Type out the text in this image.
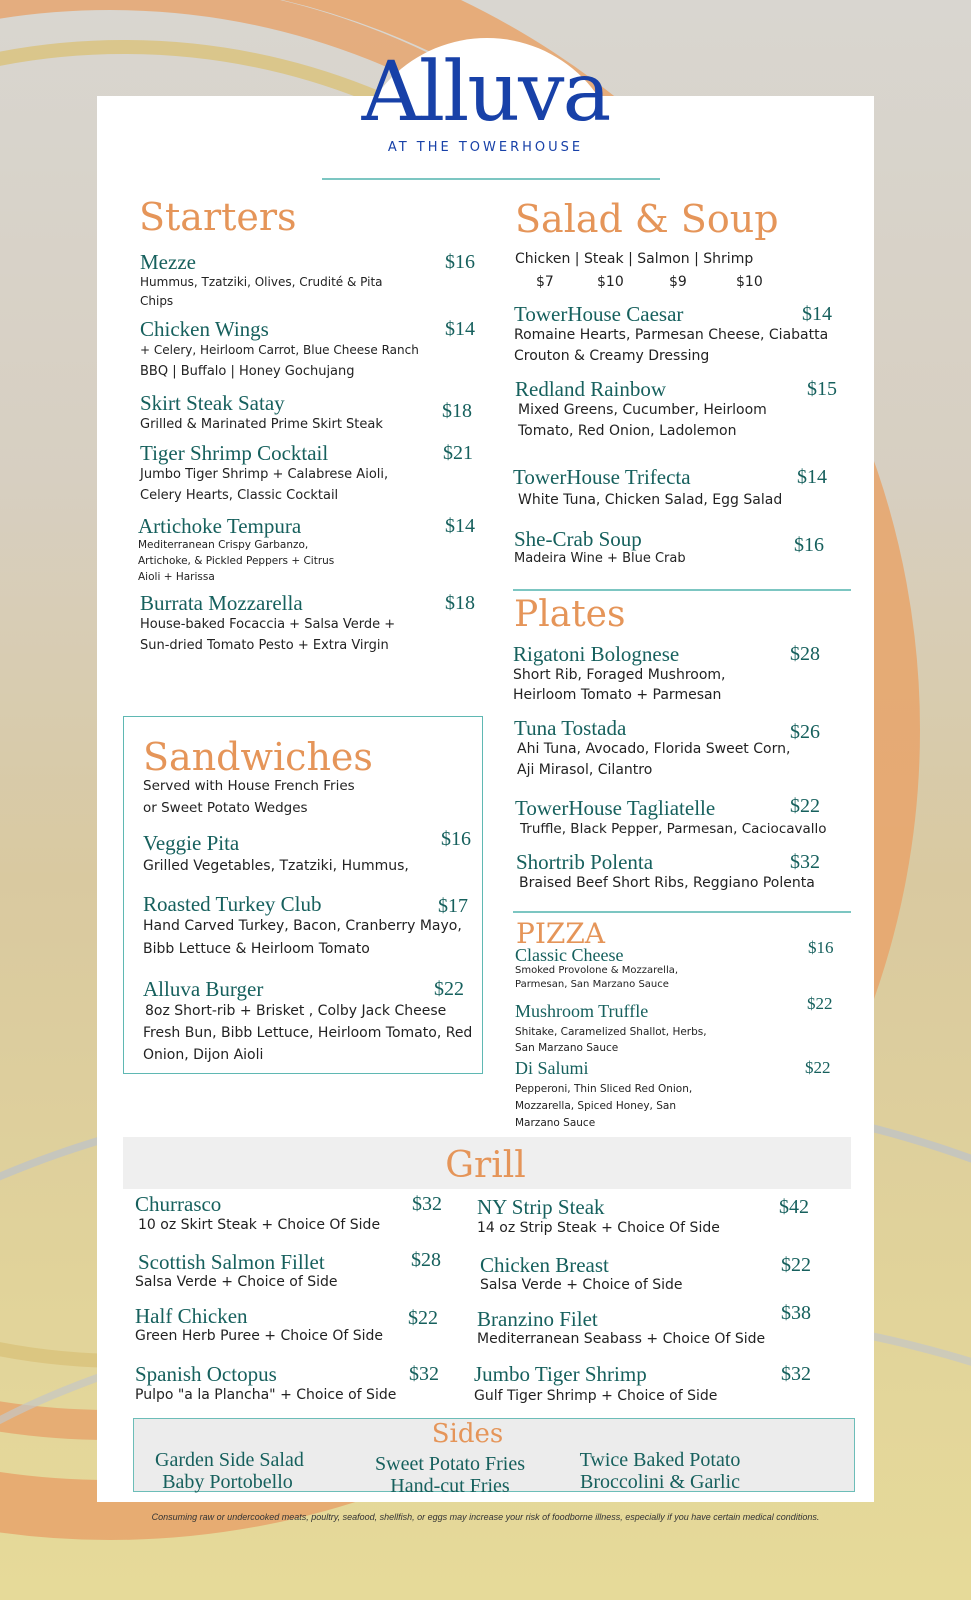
Alluva
AT THE TOWERHOUSE
Starters
Mezze	$16
Hummus, Tzatziki, Olives, Crudité & Pita
Chips
Chicken Wings	$14
+ Celery, Heirloom Carrot, Blue Cheese Ranch
BBQ | Buffalo | Honey Gochujang
Skirt Steak Satay	$18
Grilled & Marinated Prime Skirt Steak
Tiger Shrimp Cocktail	$21
Jumbo Tiger Shrimp + Calabrese Aioli,
Celery Hearts, Classic Cocktail
Artichoke Tempura	$14
Mediterranean Crispy Garbanzo,
Artichoke, & Pickled Peppers + Citrus
Aioli + Harissa
Burrata Mozzarella	$18
House-baked Focaccia + Salsa Verde +
Sun-dried Tomato Pesto + Extra Virgin
Salad & Soup
Chicken | Steak | Salmon | Shrimp
$7	$10	$9	$10
TowerHouse Caesar	$14
Romaine Hearts, Parmesan Cheese, Ciabatta
Crouton & Creamy Dressing
Redland Rainbow	$15
Mixed Greens, Cucumber, Heirloom
Tomato, Red Onion, Ladolemon
TowerHouse Trifecta	$14
White Tuna, Chicken Salad, Egg Salad
She-Crab Soup	$16
Madeira Wine + Blue Crab
Plates
Rigatoni Bolognese	$28
Short Rib, Foraged Mushroom,
Heirloom Tomato + Parmesan
Tuna Tostada	$26
Ahi Tuna, Avocado, Florida Sweet Corn,
Aji Mirasol, Cilantro
TowerHouse Tagliatelle	$22
Truffle, Black Pepper, Parmesan, Caciocavallo
Shortrib Polenta	$32
Braised Beef Short Ribs, Reggiano Polenta
PIZZA
Classic Cheese	$16
Smoked Provolone & Mozzarella,
Parmesan, San Marzano Sauce
Mushroom Truffle	$22
Shitake, Caramelized Shallot, Herbs,
San Marzano Sauce
Di Salumi	$22
Pepperoni, Thin Sliced Red Onion,
Mozzarella, Spiced Honey, San
Marzano Sauce
Sandwiches
Served with House French Fries
or Sweet Potato Wedges
Veggie Pita	$16
Grilled Vegetables, Tzatziki, Hummus,
Roasted Turkey Club	$17
Hand Carved Turkey, Bacon, Cranberry Mayo,
Bibb Lettuce & Heirloom Tomato
Alluva Burger	$22
8oz Short-rib + Brisket , Colby Jack Cheese
Fresh Bun, Bibb Lettuce, Heirloom Tomato, Red
Onion, Dijon Aioli
Grill
Churrasco	$32
10 oz Skirt Steak + Choice Of Side
Scottish Salmon Fillet	$28
Salsa Verde + Choice of Side
Half Chicken	$22
Green Herb Puree + Choice Of Side
Spanish Octopus	$32
Pulpo "a la Plancha" + Choice of Side
NY Strip Steak	$42
14 oz Strip Steak + Choice Of Side
Chicken Breast	$22
Salsa Verde + Choice of Side
Branzino Filet	$38
Mediterranean Seabass + Choice Of Side
Jumbo Tiger Shrimp	$32
Gulf Tiger Shrimp + Choice of Side
Sides
Garden Side Salad
Baby Portobello
Sweet Potato Fries
Hand-cut Fries
Twice Baked Potato
Broccolini & Garlic
Consuming raw or undercooked meats, poultry, seafood, shellfish, or eggs may increase your risk of foodborne illness, especially if you have certain medical conditions.
